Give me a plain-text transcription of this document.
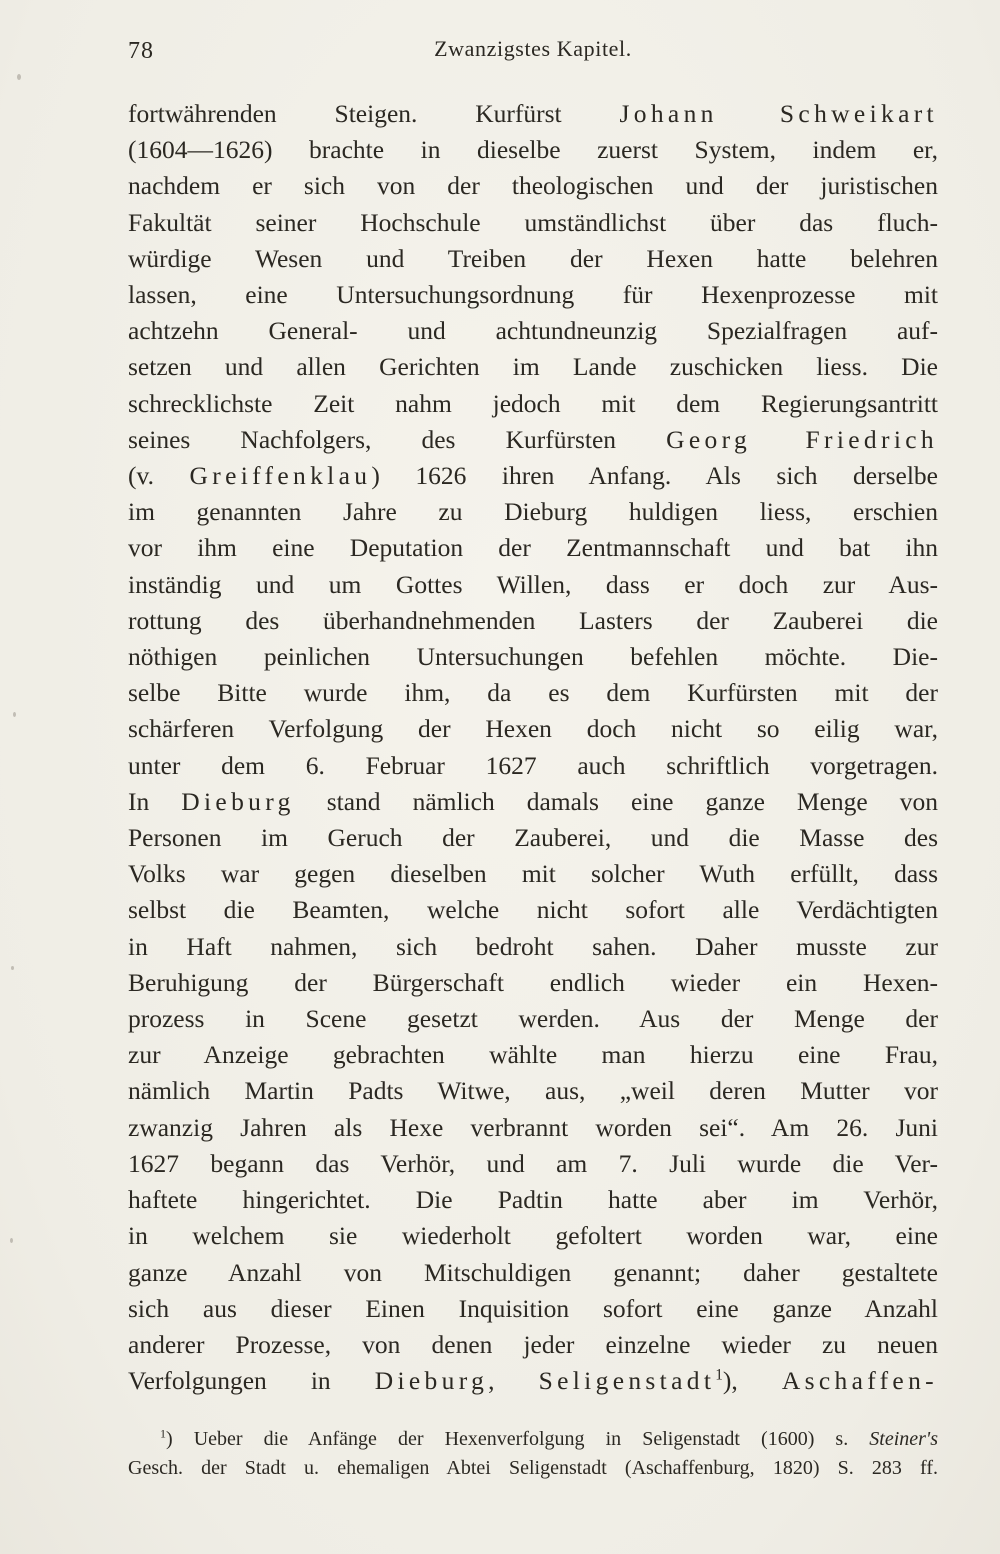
78	Zwanzigstes Kapitel.
fortwährenden Steigen. Kurfürst Johann Schweikart
(1604—1626) brachte in dieselbe zuerst System, indem er,
nachdem er sich von der theologischen und der juristischen
Fakultät seiner Hochschule umständlichst über das fluch-
würdige Wesen und Treiben der Hexen hatte belehren
lassen, eine Untersuchungsordnung für Hexenprozesse mit
achtzehn General- und achtundneunzig Spezialfragen auf-
setzen und allen Gerichten im Lande zuschicken liess. Die
schrecklichste Zeit nahm jedoch mit dem Regierungsantritt
seines Nachfolgers, des Kurfürsten Georg Friedrich
(v. Greiffenklau) 1626 ihren Anfang. Als sich derselbe
im genannten Jahre zu Dieburg huldigen liess, erschien
vor ihm eine Deputation der Zentmannschaft und bat ihn
inständig und um Gottes Willen, dass er doch zur Aus-
rottung des überhandnehmenden Lasters der Zauberei die
nöthigen peinlichen Untersuchungen befehlen möchte. Die-
selbe Bitte wurde ihm, da es dem Kurfürsten mit der
schärferen Verfolgung der Hexen doch nicht so eilig war,
unter dem 6. Februar 1627 auch schriftlich vorgetragen.
In Dieburg stand nämlich damals eine ganze Menge von
Personen im Geruch der Zauberei, und die Masse des
Volks war gegen dieselben mit solcher Wuth erfüllt, dass
selbst die Beamten, welche nicht sofort alle Verdächtigten
in Haft nahmen, sich bedroht sahen. Daher musste zur
Beruhigung der Bürgerschaft endlich wieder ein Hexen-
prozess in Scene gesetzt werden. Aus der Menge der
zur Anzeige gebrachten wählte man hierzu eine Frau,
nämlich Martin Padts Witwe, aus, „weil deren Mutter vor
zwanzig Jahren als Hexe verbrannt worden sei“. Am 26. Juni
1627 begann das Verhör, und am 7. Juli wurde die Ver-
haftete hingerichtet. Die Padtin hatte aber im Verhör,
in welchem sie wiederholt gefoltert worden war, eine
ganze Anzahl von Mitschuldigen genannt; daher gestaltete
sich aus dieser Einen Inquisition sofort eine ganze Anzahl
anderer Prozesse, von denen jeder einzelne wieder zu neuen
Verfolgungen in Dieburg, Seligenstadt$^1$), Aschaffen-
$^1$) Ueber die Anfänge der Hexenverfolgung in Seligenstadt (1600) s. Steiner's
Gesch. der Stadt u. ehemaligen Abtei Seligenstadt (Aschaffenburg, 1820) S. 283 ff.
